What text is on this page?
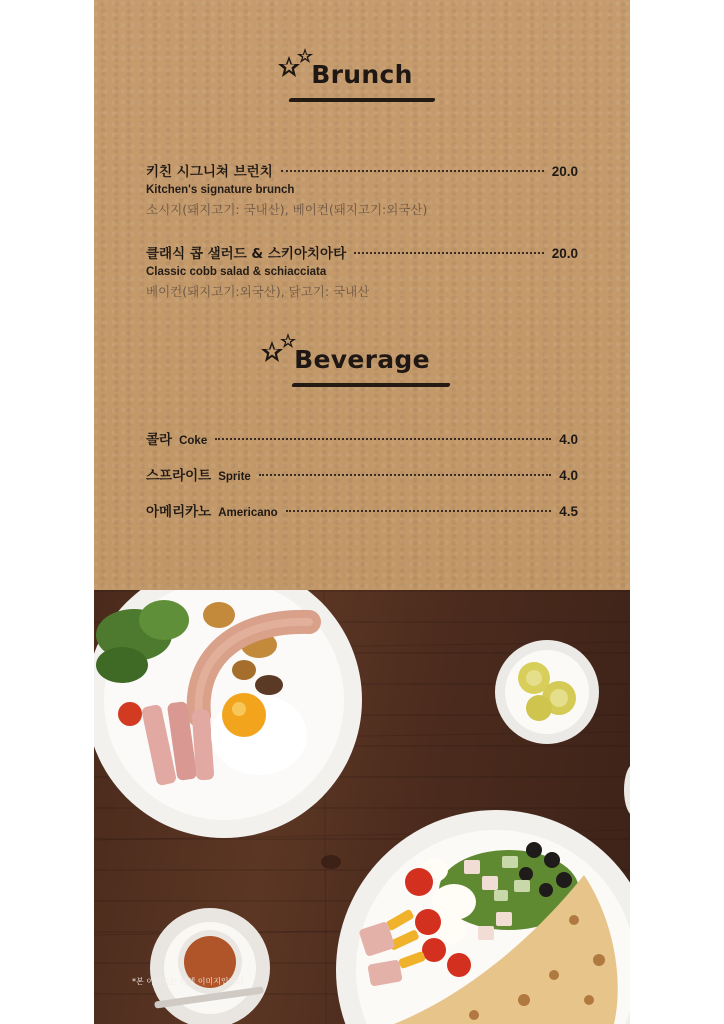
Brunch
키친 시그니쳐 브런치	20.0
Kitchen's signature brunch
소시지(돼지고기: 국내산), 베이컨(돼지고기:외국산)
클래식 콥 샐러드 & 스키아치아타	20.0
Classic cobb salad & schiacciata
베이컨(돼지고기:외국산), 닭고기: 국내산
Beverage
콜라 Coke	4.0
스프라이트 Sprite	4.0
아메리카노 Americano	4.5
*본 이미지는 컨셉 이미지입니다
